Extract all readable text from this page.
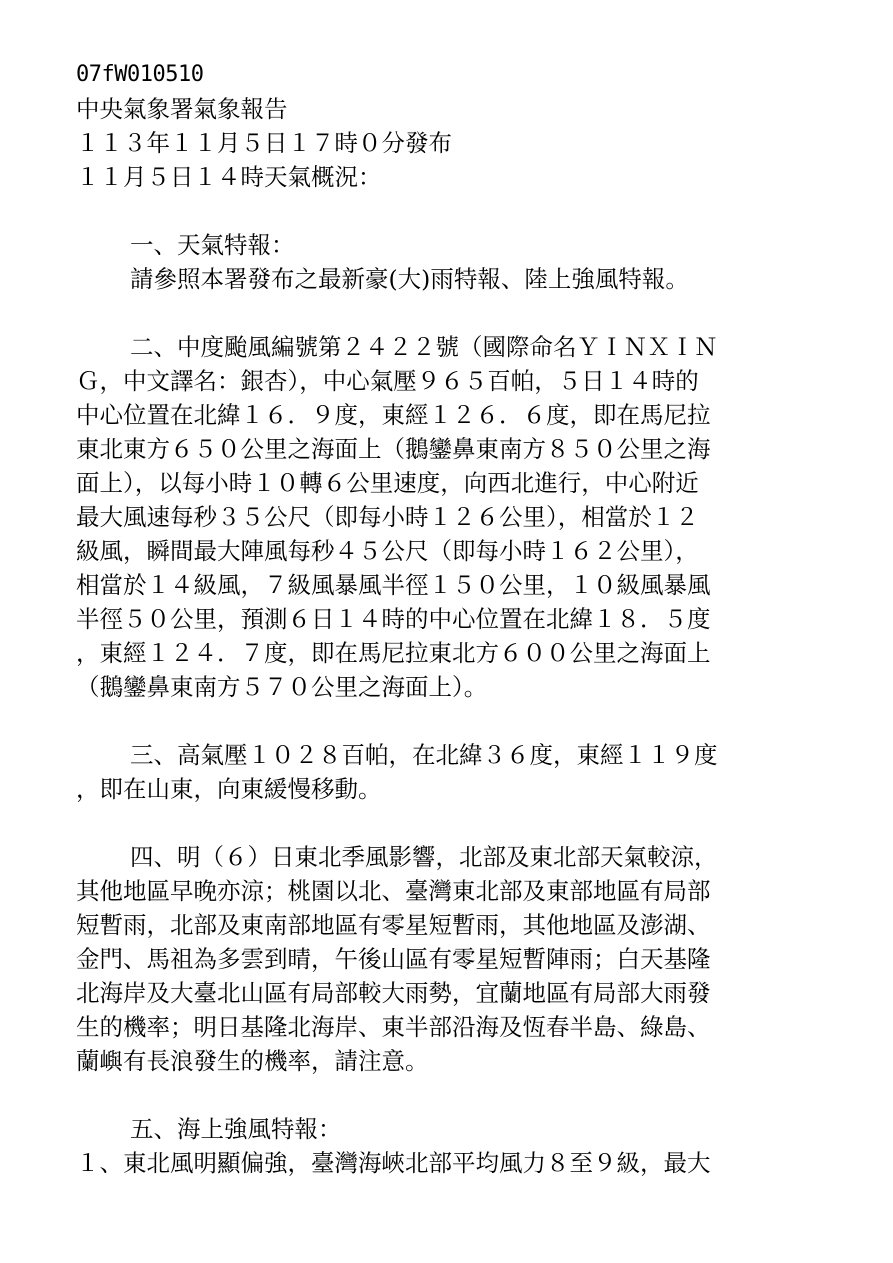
07fW010510
中央氣象署氣象報告
１１３年１１月５日１７時０分發布
１１月５日１４時天氣概況：
一、天氣特報：
請參照本署發布之最新豪(大)雨特報、陸上強風特報。
二、中度颱風編號第２４２２號（國際命名ＹＩＮＸＩＮ
Ｇ，中文譯名：銀杏），中心氣壓９６５百帕，５日１４時的
中心位置在北緯１６．９度，東經１２６．６度，即在馬尼拉
東北東方６５０公里之海面上（鵝鑾鼻東南方８５０公里之海
面上），以每小時１０轉６公里速度，向西北進行，中心附近
最大風速每秒３５公尺（即每小時１２６公里），相當於１２
級風，瞬間最大陣風每秒４５公尺（即每小時１６２公里），
相當於１４級風，７級風暴風半徑１５０公里，１０級風暴風
半徑５０公里，預測６日１４時的中心位置在北緯１８．５度
，東經１２４．７度，即在馬尼拉東北方６００公里之海面上
（鵝鑾鼻東南方５７０公里之海面上）。
三、高氣壓１０２８百帕，在北緯３６度，東經１１９度
，即在山東，向東緩慢移動。
四、明（６）日東北季風影響，北部及東北部天氣較涼，
其他地區早晚亦涼；桃園以北、臺灣東北部及東部地區有局部
短暫雨，北部及東南部地區有零星短暫雨，其他地區及澎湖、
金門、馬祖為多雲到晴，午後山區有零星短暫陣雨；白天基隆
北海岸及大臺北山區有局部較大雨勢，宜蘭地區有局部大雨發
生的機率；明日基隆北海岸、東半部沿海及恆春半島、綠島、
蘭嶼有長浪發生的機率，請注意。
五、海上強風特報：
１、東北風明顯偏強，臺灣海峽北部平均風力８至９級，最大
